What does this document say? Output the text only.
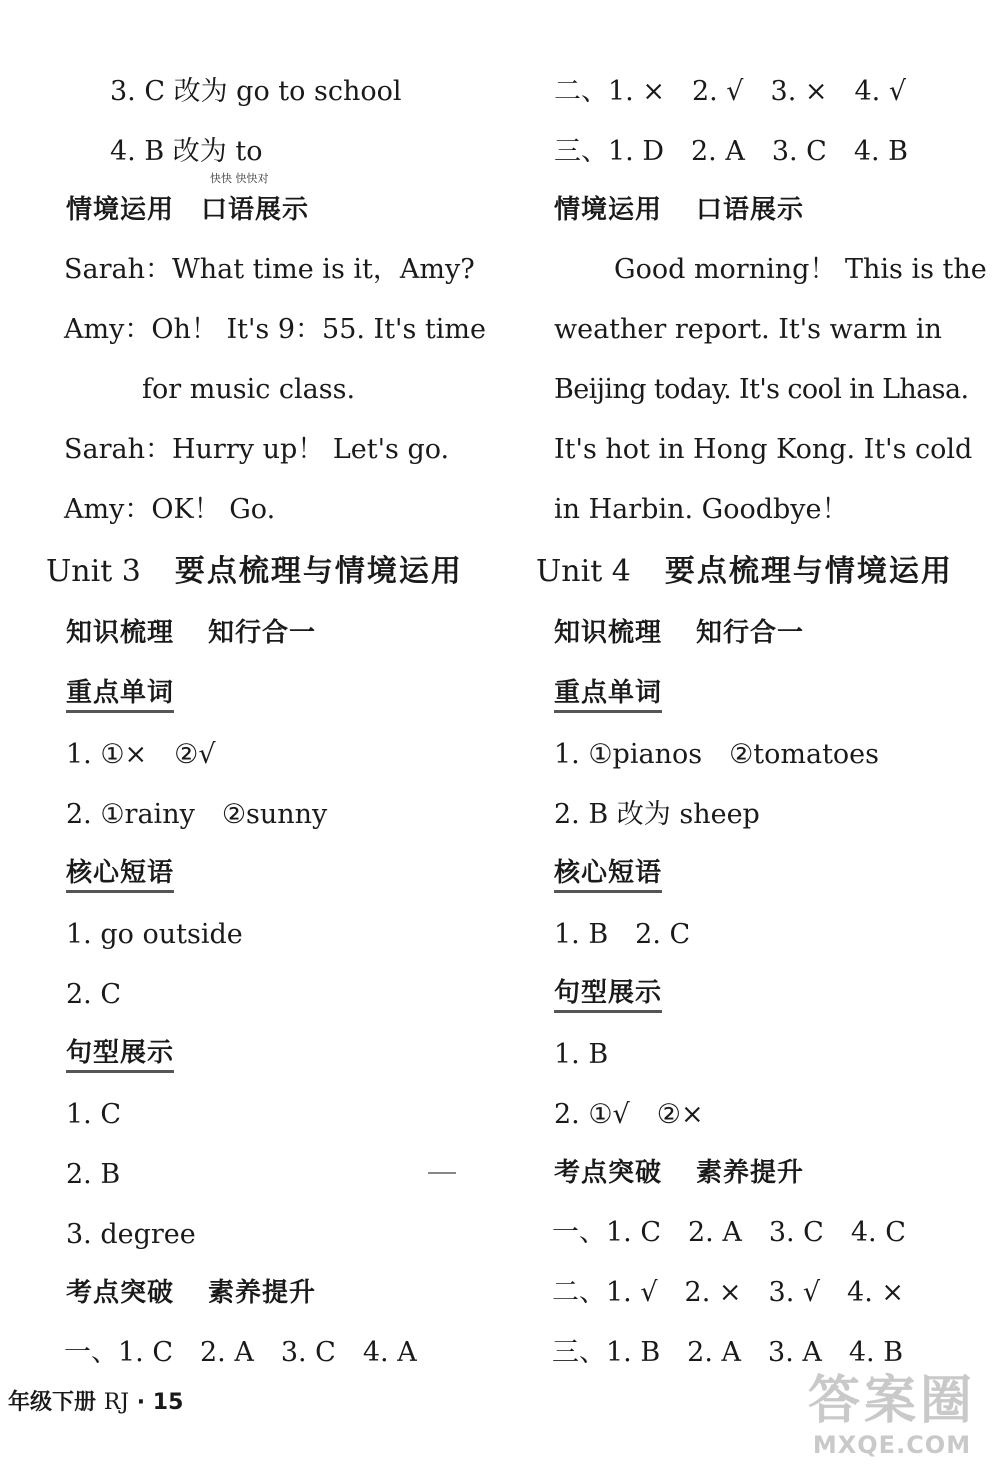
3. C 改为 go to school
4. B 改为 to
快快 快快对
情境运用　口语展示
Sarah：What time is it，Amy?
Amy：Oh！ It's 9：55. It's time
for music class.
Sarah：Hurry up！ Let's go.
Amy：OK！ Go.
Unit 3 要点梳理与情境运用
知识梳理 知行合一
重点单词
1. ①×　②√
2. ①rainy　②sunny
核心短语
1. go outside
2. C
句型展示
1. C
2. B
3. degree
考点突破 素养提升
一、1. C　2. A　3. C　4. A
二、1. ×　2. √　3. ×　4. √
三、1. D　2. A　3. C　4. B
情境运用 口语展示
Good morning！ This is the
weather report. It's warm in
Beijing today. It's cool in Lhasa.
It's hot in Hong Kong. It's cold
in Harbin. Goodbye！
Unit 4 要点梳理与情境运用
知识梳理 知行合一
重点单词
1. ①pianos　②tomatoes
2. B 改为 sheep
核心短语
1. B　2. C
句型展示
1. B
2. ①√　②×
考点突破 素养提升
一、1. C　2. A　3. C　4. C
二、1. √　2. ×　3. √　4. ×
三、1. B　2. A　3. A　4. B
年级下册 RJ · 15	答案圈
MXQE.COM
